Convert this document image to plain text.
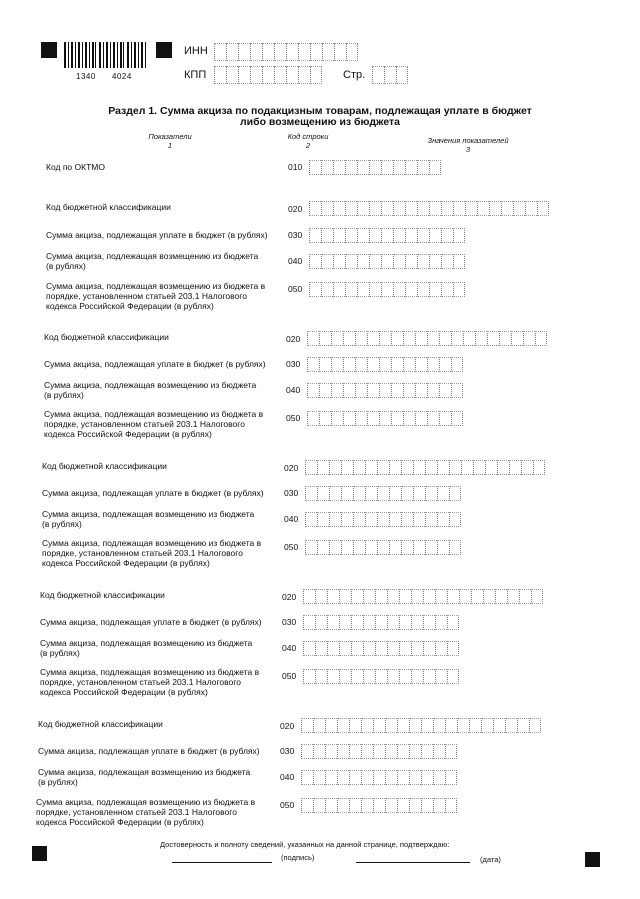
1340 4024
ИНН
КПП	Стр.
Раздел 1. Сумма акциза по подакцизным товарам, подлежащая уплате в бюджет
либо возмещению из бюджета
Показатели
1
Код строки
2
Значения показателей
3
Код по ОКТМО	010
Код бюджетной классификации	020
Сумма акциза, подлежащая уплате в бюджет (в рублях) 030
Сумма акциза, подлежащая возмещению из бюджета
(в рублях)	040
Сумма акциза, подлежащая возмещению из бюджета в
порядке, установленном статьей 203.1 Налогового
кодекса Российской Федерации (в рублях)
050
Код бюджетной классификации	020
Сумма акциза, подлежащая уплате в бюджет (в рублях) 030
Сумма акциза, подлежащая возмещению из бюджета
(в рублях)	040
Сумма акциза, подлежащая возмещению из бюджета в
порядке, установленном статьей 203.1 Налогового
кодекса Российской Федерации (в рублях)
050
Код бюджетной классификации	020
Сумма акциза, подлежащая уплате в бюджет (в рублях) 030
Сумма акциза, подлежащая возмещению из бюджета
(в рублях)	040
Сумма акциза, подлежащая возмещению из бюджета в
порядке, установленном статьей 203.1 Налогового
кодекса Российской Федерации (в рублях)
050
Код бюджетной классификации	020
Сумма акциза, подлежащая уплате в бюджет (в рублях) 030
Сумма акциза, подлежащая возмещению из бюджета
(в рублях)	040
Сумма акциза, подлежащая возмещению из бюджета в
порядке, установленном статьей 203.1 Налогового
кодекса Российской Федерации (в рублях)
050
Код бюджетной классификации	020
Сумма акциза, подлежащая уплате в бюджет (в рублях) 030
Сумма акциза, подлежащая возмещению из бюджета
(в рублях)	040
Сумма акциза, подлежащая возмещению из бюджета в
порядке, установленном статьей 203.1 Налогового
кодекса Российской Федерации (в рублях)
050
Достоверность и полноту сведений, указанных на данной странице, подтверждаю:
(подпись)	(дата)
